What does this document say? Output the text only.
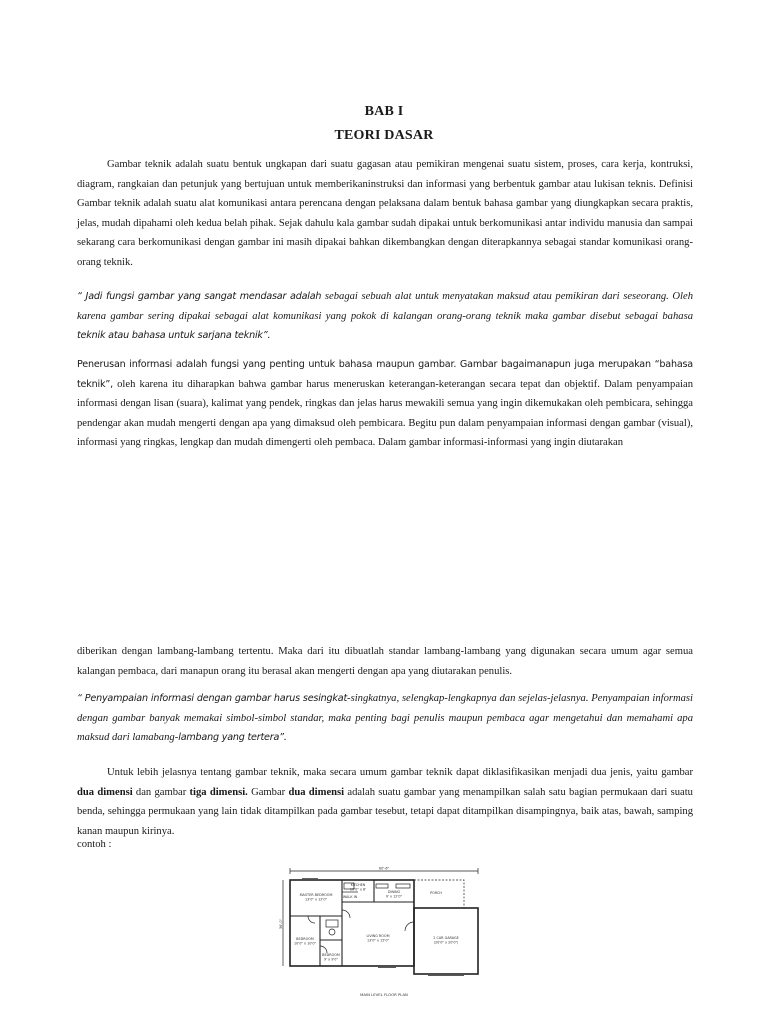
BAB I
TEORI DASAR

Gambar teknik adalah suatu bentuk ungkapan dari suatu gagasan atau pemikiran mengenai suatu sistem, proses, cara kerja, kontruksi, diagram, rangkaian dan petunjuk yang bertujuan untuk memberikaninstruksi dan informasi yang berbentuk gambar atau lukisan teknis. Definisi Gambar teknik adalah suatu alat komunikasi antara perencana dengan pelaksana dalam bentuk bahasa gambar yang diungkapkan secara praktis, jelas, mudah dipahami oleh kedua belah pihak. Sejak dahulu kala gambar sudah dipakai untuk berkomunikasi antar individu manusia dan sampai sekarang cara berkomunikasi dengan gambar ini masih dipakai bahkan dikembangkan dengan diterapkannya sebagai standar komunikasi orang-orang teknik.

“ Jadi fungsi gambar yang sangat mendasar adalah sebagai sebuah alat untuk menyatakan maksud atau pemikiran dari seseorang. Oleh karena gambar sering dipakai sebagai alat komunikasi yang pokok di kalangan orang-orang teknik maka gambar disebut sebagai bahasa teknik atau bahasa untuk sarjana teknik”.

Penerusan informasi adalah fungsi yang penting untuk bahasa maupun gambar. Gambar bagaimanapun juga merupakan “bahasa teknik”, oleh karena itu diharapkan bahwa gambar harus meneruskan keterangan-keterangan secara tepat dan objektif. Dalam penyampaian informasi dengan lisan (suara), kalimat yang pendek, ringkas dan jelas harus mewakili semua yang ingin dikemukakan oleh pembicara, sehingga pendengar akan mudah mengerti dengan apa yang dimaksud oleh pembicara. Begitu pun dalam penyampaian informasi dengan gambar (visual), informasi yang ringkas, lengkap dan mudah dimengerti oleh pembaca. Dalam gambar informasi-informasi yang ingin diutarakan

diberikan dengan lambang-lambang tertentu. Maka dari itu dibuatlah standar lambang-lambang yang digunakan secara umum agar semua kalangan pembaca, dari manapun orang itu berasal akan mengerti dengan apa yang diutarakan penulis.

“ Penyampaian informasi dengan gambar harus sesingkat-singkatnya, selengkap-lengkapnya dan sejelas-jelasnya. Penyampaian informasi dengan gambar banyak memakai simbol-simbol standar, maka penting bagi penulis maupun pembaca agar mengetahui dan memahami apa maksud dari lamabang-lambang yang tertera”.

Untuk lebih jelasnya tentang gambar teknik, maka secara umum gambar teknik dapat diklasifikasikan menjadi dua jenis, yaitu gambar dua dimensi dan gambar tiga dimensi. Gambar dua dimensi adalah suatu gambar yang menampilkan salah satu bagian permukaan dari suatu benda, sehingga permukaan yang lain tidak ditampilkan pada gambar tesebut, tetapi dapat ditampilkan disampingnya, baik atas, bawah, samping kanan maupun kirinya.

contoh :
60'-6"
36'-0"
MASTER BEDROOM
13'0" x 12'0"
WALK IN
KITCHEN
10'0" x 8'
DINING
9' x 12'0"
PORCH
BEDROOM
10'0" x 10'0"
BEDROOM
9' x 9'0"
LIVING ROOM
13'0" x 15'0"
2 CAR GARAGE
(20'0" x 20'0")
MAIN LEVEL FLOOR PLAN
